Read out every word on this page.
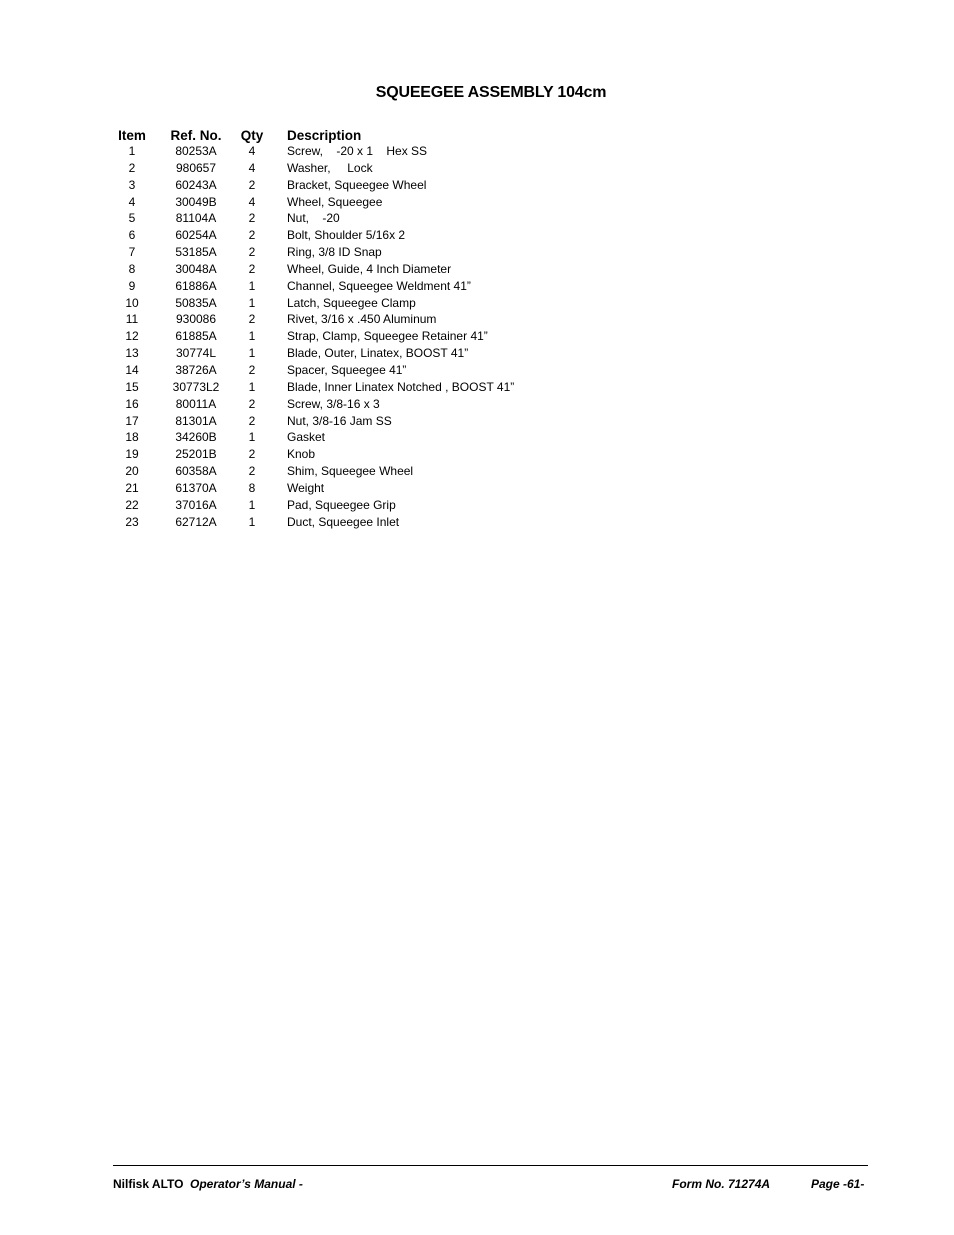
SQUEEGEE ASSEMBLY 104cm
Item	Ref. No.	Qty	Description
1	80253A	4	Screw,    -20 x 1    Hex SS
2	980657	4	Washer,     Lock
3	60243A	2	Bracket, Squeegee Wheel
4	30049B	4	Wheel, Squeegee
5	81104A	2	Nut,    -20
6	60254A	2	Bolt, Shoulder 5/16x 2
7	53185A	2	Ring, 3/8 ID Snap
8	30048A	2	Wheel, Guide, 4 Inch Diameter
9	61886A	1	Channel, Squeegee Weldment 41”
10	50835A	1	Latch, Squeegee Clamp
11	930086	2	Rivet, 3/16 x .450 Aluminum
12	61885A	1	Strap, Clamp, Squeegee Retainer 41”
13	30774L	1	Blade, Outer, Linatex, BOOST 41”
14	38726A	2	Spacer, Squeegee 41”
15	30773L2	1	Blade, Inner Linatex Notched , BOOST 41”
16	80011A	2	Screw, 3/8-16 x 3
17	81301A	2	Nut, 3/8-16 Jam SS
18	34260B	1	Gasket
19	25201B	2	Knob
20	60358A	2	Shim, Squeegee Wheel
21	61370A	8	Weight
22	37016A	1	Pad, Squeegee Grip
23	62712A	1	Duct, Squeegee Inlet
Nilfisk ALTO Operator’s Manual -	Form No. 71274A	Page -61-
